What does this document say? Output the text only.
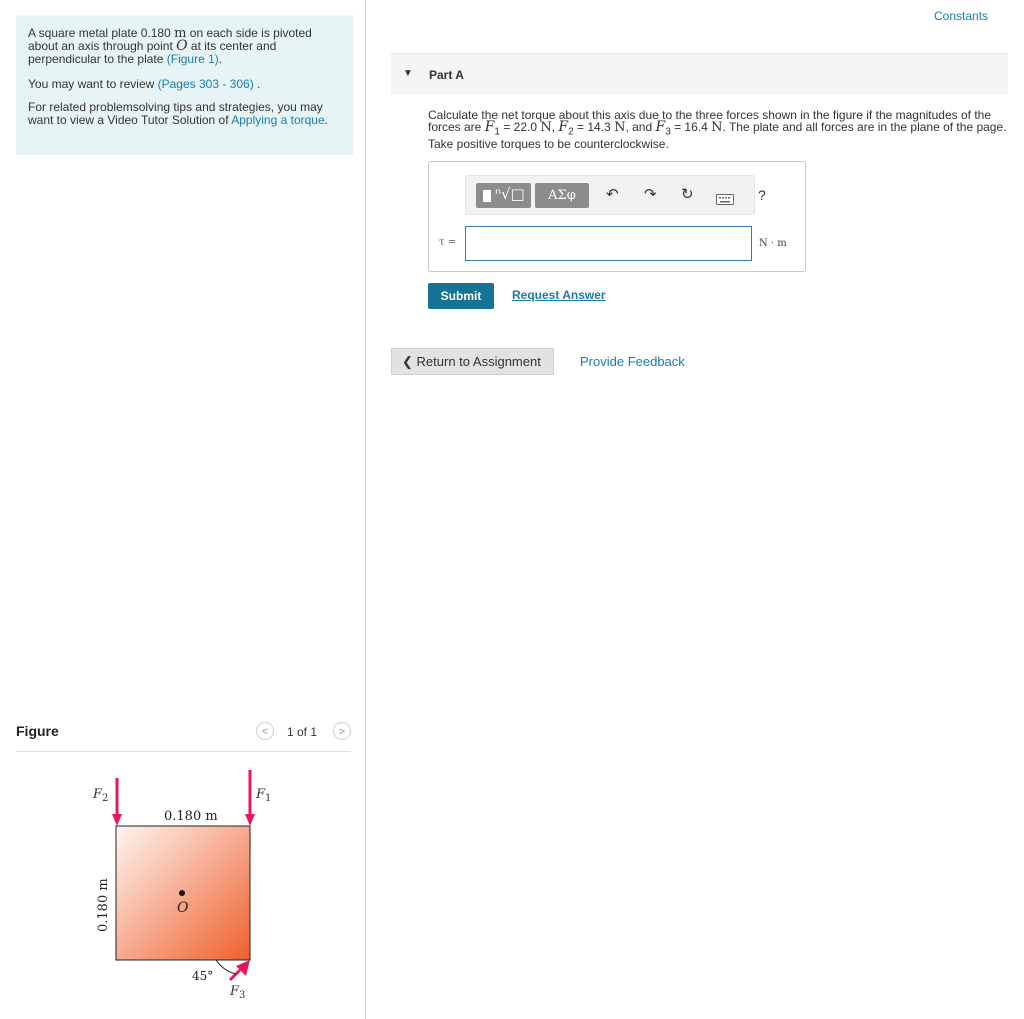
A square metal plate 0.180 m on each side is pivoted about an axis through point O at its center and perpendicular to the plate (Figure 1).

You may want to review (Pages 303 - 306) .

For related problemsolving tips and strategies, you may want to view a Video Tutor Solution of Applying a torque.

Figure	<	1 of 1	>
0.180 m
0.180 m	O
45°
$F_2$	$F_1$
$F_3$
Constants
▼ Part A
Calculate the net torque about this axis due to the three forces shown in the figure if the magnitudes of the forces are $F_1 = 22.0$ N, $F_2 = 14.3$ N, and $F_3 = 16.4$ N. The plate and all forces are in the plane of the page. Take positive torques to be counterclockwise.
ⁿ√□	ΑΣφ	↶ ↷ ↻	?
τ =	N · m
Submit	Request Answer
❮ Return to Assignment	Provide Feedback
